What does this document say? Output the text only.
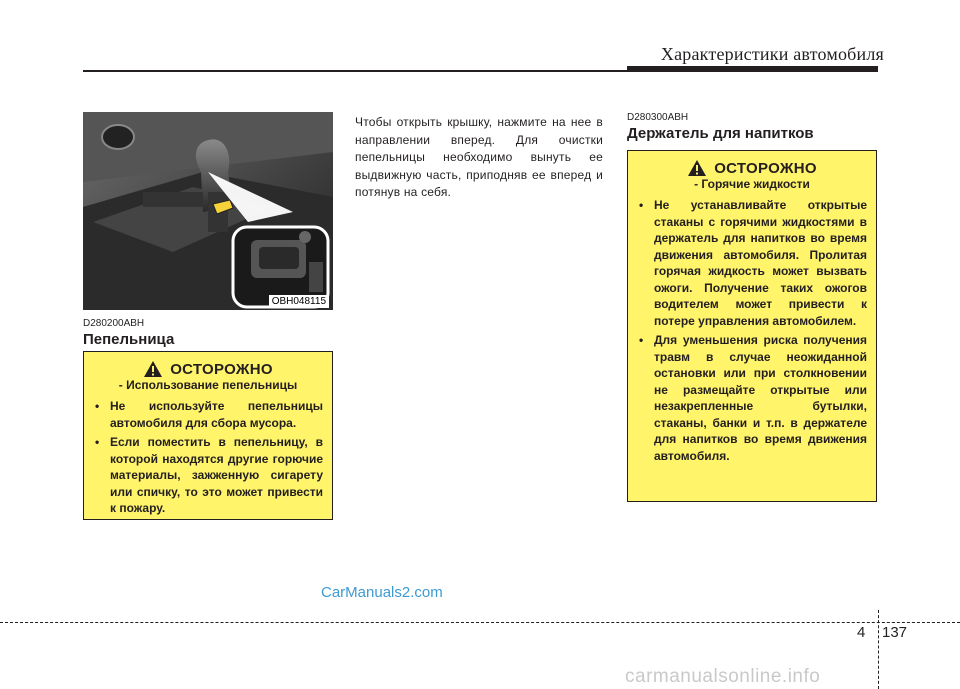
Характеристики автомобиля
OBH048115
D280200ABH
Пепельница
ОСТОРОЖНО
- Использование пепельницы
• Не используйте пепельницы автомобиля для сбора мусора.
• Если поместить в пепельницу, в которой находятся другие горючие материалы, зажженную сигарету или спичку, то это может привести к пожару.
Чтобы открыть крышку, нажмите на нее в направлении вперед. Для очистки пепельницы необходимо вынуть ее выдвижную часть, приподняв ее вперед и потянув на себя.
D280300ABH
Держатель для напитков
ОСТОРОЖНО
- Горячие жидкости
• Не устанавливайте открытые стаканы с горячими жидкостями в держатель для напитков во время движения автомобиля. Пролитая горячая жидкость может вызвать ожоги. Получение таких ожогов водителем может привести к потере управления автомобилем.
• Для уменьшения риска получения травм в случае неожиданной остановки или при столкновении не размещайте открытые или незакрепленные бутылки, стаканы, банки и т.п. в держателе для напитков во время движения автомобиля.
CarManuals2.com
4 137
carmanualsonline.info
